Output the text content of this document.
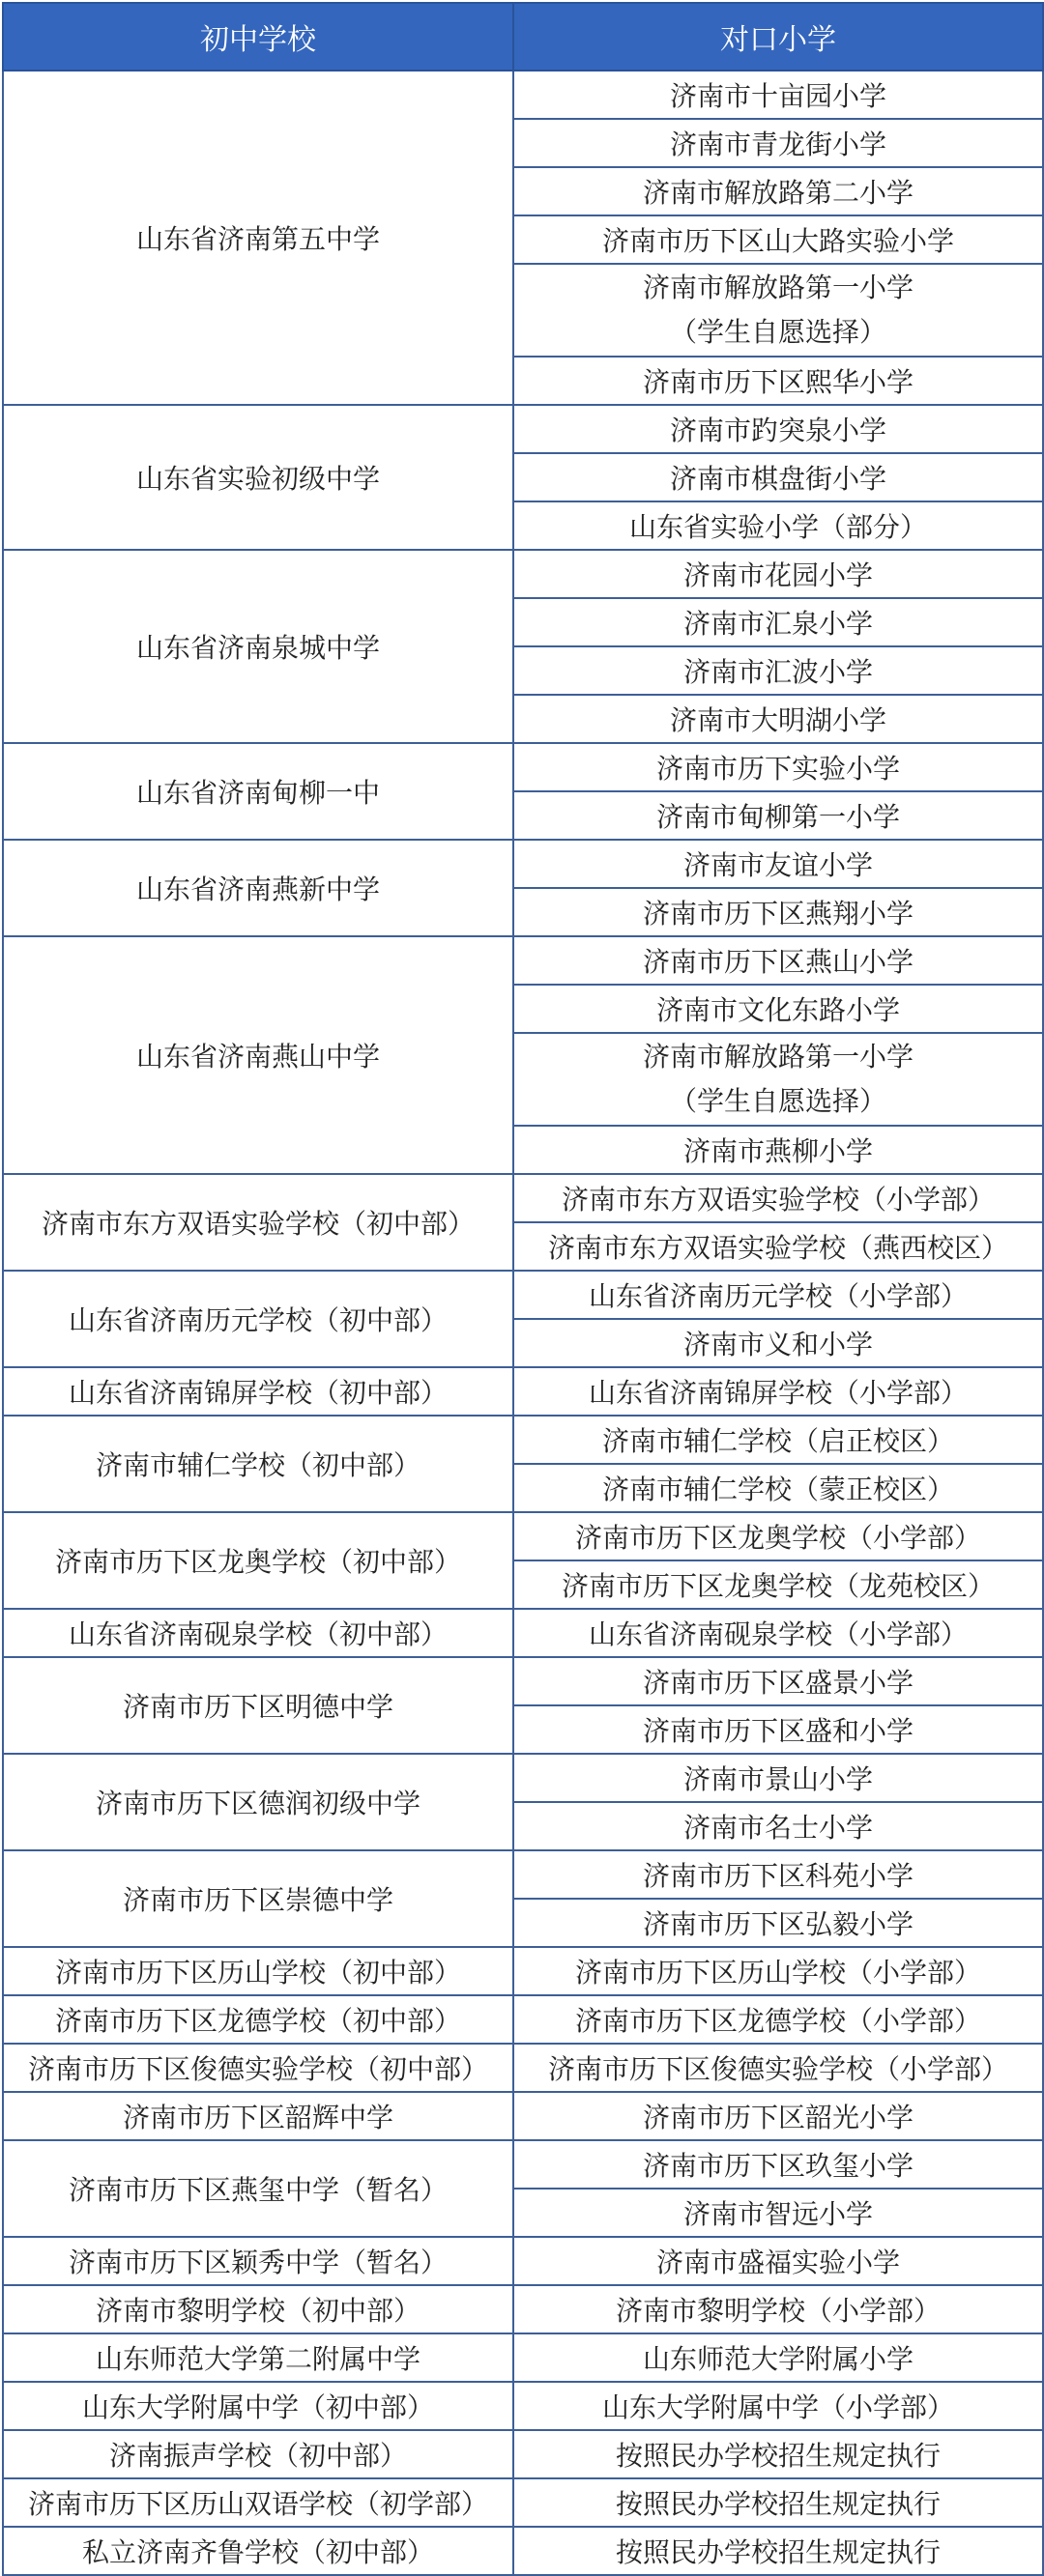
初中学校	对口小学
山东省济南第五中学	济南市十亩园小学

	济南市青龙街小学

	济南市解放路第二小学

	济南市历下区山大路实验小学

	济南市解放路第一小学
（学生自愿选择）

	济南市历下区熙华小学

山东省实验初级中学	济南市趵突泉小学

	济南市棋盘街小学

	山东省实验小学（部分）

山东省济南泉城中学	济南市花园小学

	济南市汇泉小学

	济南市汇波小学

	济南市大明湖小学

山东省济南甸柳一中	济南市历下实验小学

	济南市甸柳第一小学

山东省济南燕新中学	济南市友谊小学

	济南市历下区燕翔小学

山东省济南燕山中学	济南市历下区燕山小学

	济南市文化东路小学

	济南市解放路第一小学
（学生自愿选择）

	济南市燕柳小学

济南市东方双语实验学校（初中部）	济南市东方双语实验学校（小学部）

	济南市东方双语实验学校（燕西校区）

山东省济南历元学校（初中部）	山东省济南历元学校（小学部）

	济南市义和小学

山东省济南锦屏学校（初中部）	山东省济南锦屏学校（小学部）

济南市辅仁学校（初中部）	济南市辅仁学校（启正校区）

	济南市辅仁学校（蒙正校区）

济南市历下区龙奥学校（初中部）	济南市历下区龙奥学校（小学部）

	济南市历下区龙奥学校（龙苑校区）

山东省济南砚泉学校（初中部）	山东省济南砚泉学校（小学部）

济南市历下区明德中学	济南市历下区盛景小学

	济南市历下区盛和小学

济南市历下区德润初级中学	济南市景山小学

	济南市名士小学

济南市历下区崇德中学	济南市历下区科苑小学

	济南市历下区弘毅小学

济南市历下区历山学校（初中部）	济南市历下区历山学校（小学部）

济南市历下区龙德学校（初中部）	济南市历下区龙德学校（小学部）

济南市历下区俊德实验学校（初中部）	济南市历下区俊德实验学校（小学部）

济南市历下区韶辉中学	济南市历下区韶光小学

济南市历下区燕玺中学（暂名）	济南市历下区玖玺小学

	济南市智远小学

济南市历下区颖秀中学（暂名）	济南市盛福实验小学

济南市黎明学校（初中部）	济南市黎明学校（小学部）

山东师范大学第二附属中学	山东师范大学附属小学

山东大学附属中学（初中部）	山东大学附属中学（小学部）

济南振声学校（初中部）	按照民办学校招生规定执行

济南市历下区历山双语学校（初学部）	按照民办学校招生规定执行

私立济南齐鲁学校（初中部）	按照民办学校招生规定执行
